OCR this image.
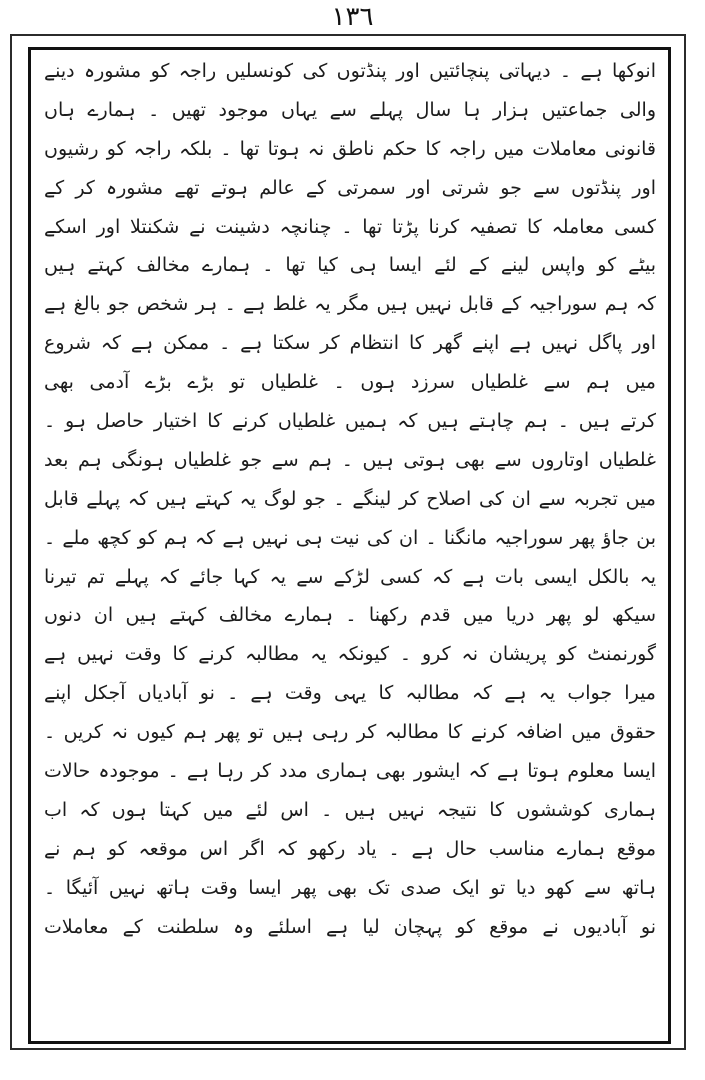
١٣٦
انوکھا ہے ۔ دیہاتی پنچائتیں اور پنڈتوں کی کونسلیں راجہ کو مشورہ دینے
والی جماعتیں ہزار ہا سال پہلے سے یہاں موجود تھیں ۔ ہمارے ہاں
قانونی معاملات میں راجہ کا حکم ناطق نہ ہوتا تھا ۔ بلکہ راجہ کو رشیوں
اور پنڈتوں سے جو شرتی اور سمرتی کے عالم ہوتے تھے مشورہ کر کے
کسی معاملہ کا تصفیہ کرنا پڑتا تھا ۔ چنانچہ دشینت نے شکنتلا اور اسکے
بیٹے کو واپس لینے کے لئے ایسا ہی کیا تھا ۔ ہمارے مخالف کہتے ہیں
کہ ہم سوراجیہ کے قابل نہیں ہیں مگر یہ غلط ہے ۔ ہر شخص جو بالغ ہے
اور پاگل نہیں ہے اپنے گھر کا انتظام کر سکتا ہے ۔ ممکن ہے کہ شروع
میں ہم سے غلطیاں سرزد ہوں ۔ غلطیاں تو بڑے بڑے آدمی بھی
کرتے ہیں ۔ ہم چاہتے ہیں کہ ہمیں غلطیاں کرنے کا اختیار حاصل ہو ۔
غلطیاں اوتاروں سے بھی ہوتی ہیں ۔ ہم سے جو غلطیاں ہونگی ہم بعد
میں تجربہ سے ان کی اصلاح کر لینگے ۔ جو لوگ یہ کہتے ہیں کہ پہلے قابل
بن جاؤ پھر سوراجیہ مانگنا ۔ ان کی نیت ہی نہیں ہے کہ ہم کو کچھ ملے ۔
یہ بالکل ایسی بات ہے کہ کسی لڑکے سے یہ کہا جائے کہ پہلے تم تیرنا
سیکھ لو پھر دریا میں قدم رکھنا ۔ ہمارے مخالف کہتے ہیں ان دنوں
گورنمنٹ کو پریشان نہ کرو ۔ کیونکہ یہ مطالبہ کرنے کا وقت نہیں ہے
میرا جواب یہ ہے کہ مطالبہ کا یہی وقت ہے ۔ نو آبادیاں آجکل اپنے
حقوق میں اضافہ کرنے کا مطالبہ کر رہی ہیں تو پھر ہم کیوں نہ کریں ۔
ایسا معلوم ہوتا ہے کہ ایشور بھی ہماری مدد کر رہا ہے ۔ موجودہ حالات
ہماری کوششوں کا نتیجہ نہیں ہیں ۔ اس لئے میں کہتا ہوں کہ اب
موقع ہمارے مناسب حال ہے ۔ یاد رکھو کہ اگر اس موقعہ کو ہم نے
ہاتھ سے کھو دیا تو ایک صدی تک بھی پھر ایسا وقت ہاتھ نہیں آئیگا ۔
نو آبادیوں نے موقع کو پہچان لیا ہے اسلئے وہ سلطنت کے معاملات
